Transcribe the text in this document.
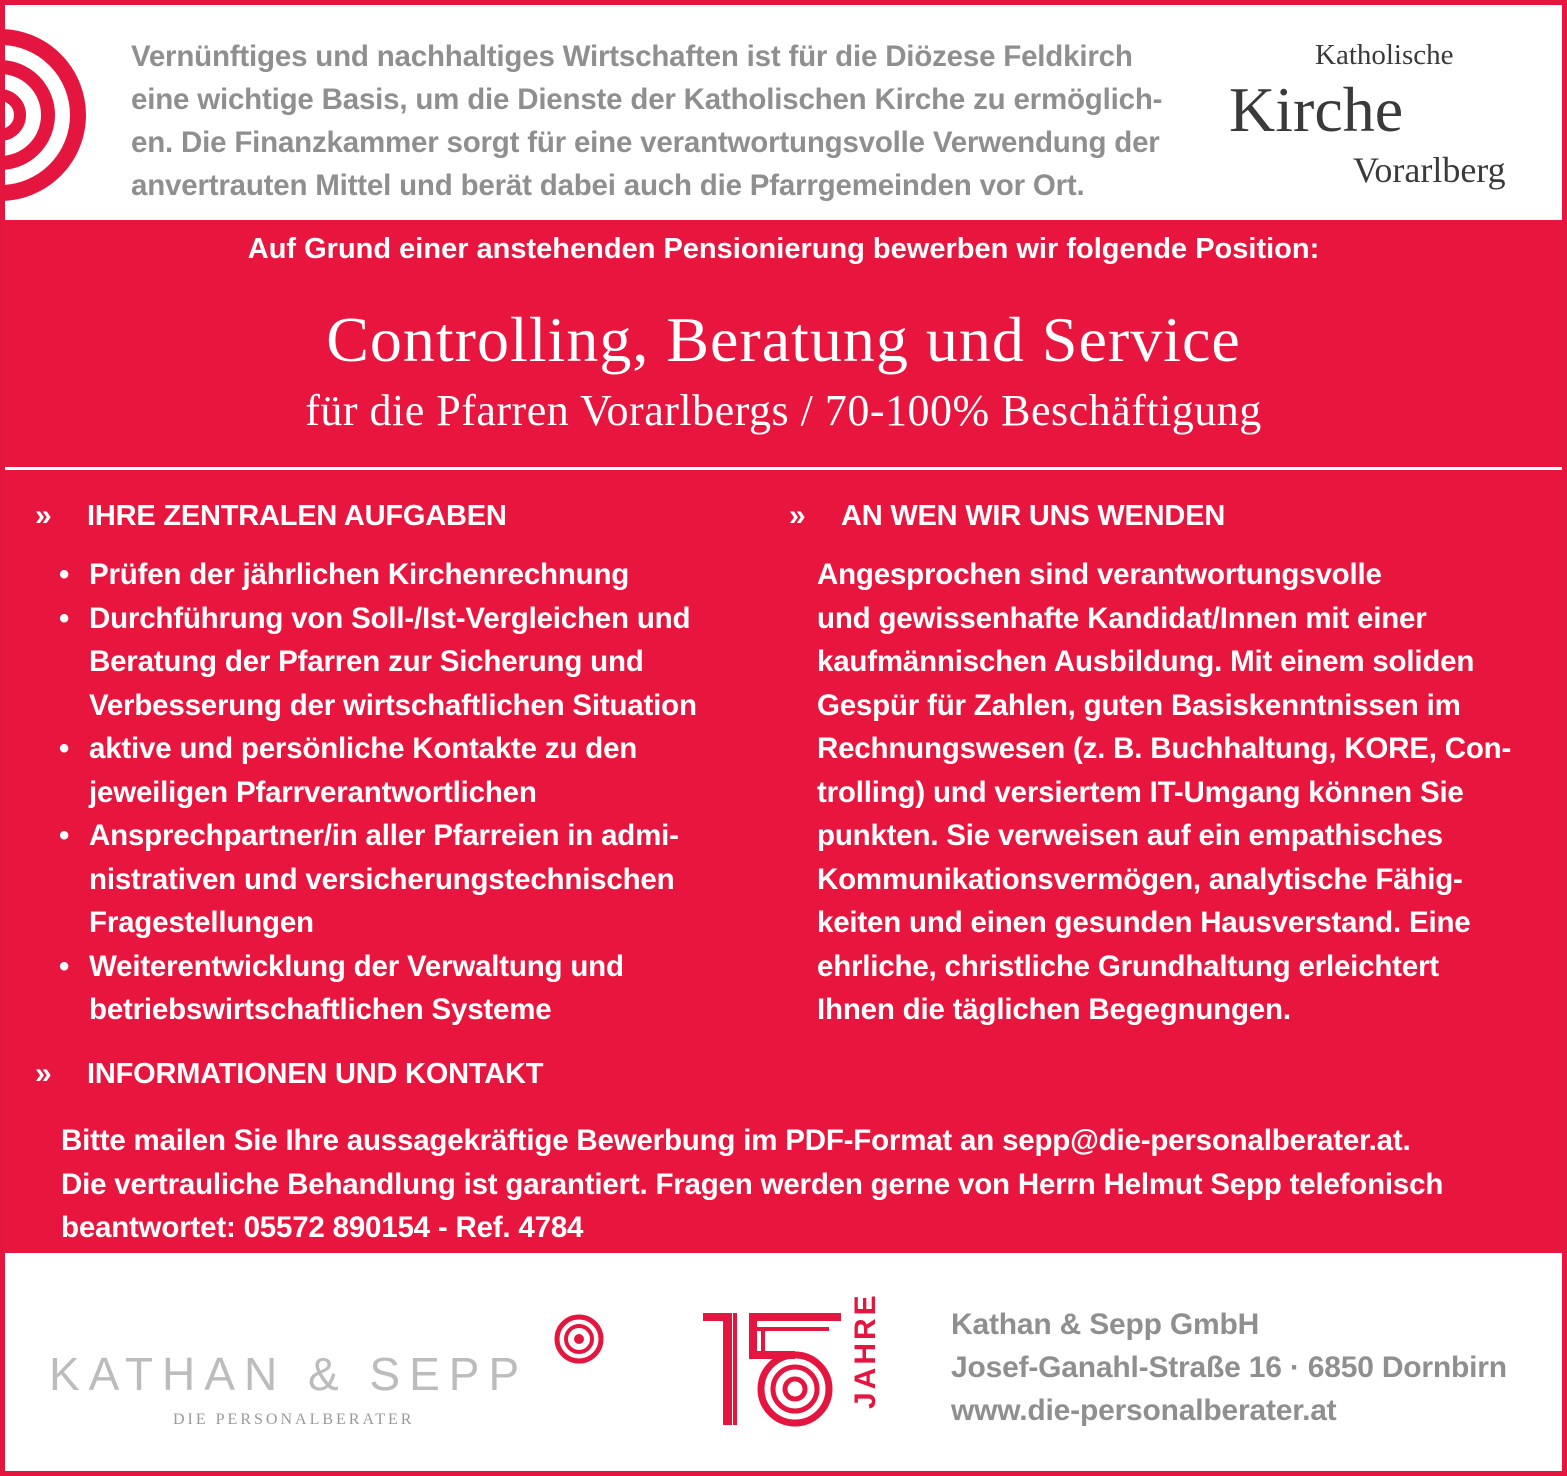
Vernünftiges und nachhaltiges Wirtschaften ist für die Diözese Feldkirch
eine wichtige Basis, um die Dienste der Katholischen Kirche zu ermöglich-
en. Die Finanzkammer sorgt für eine verantwortungsvolle Verwendung der
anvertrauten Mittel und berät dabei auch die Pfarrgemeinden vor Ort.
Katholische
Kirche
Vorarlberg
Auf Grund einer anstehenden Pensionierung bewerben wir folgende Position:
Controlling, Beratung und Service
für die Pfarren Vorarlbergs / 70-100% Beschäftigung
» IHRE ZENTRALEN AUFGABEN
• Prüfen der jährlichen Kirchenrechnung
• Durchführung von Soll-/Ist-Vergleichen und
Beratung der Pfarren zur Sicherung und
Verbesserung der wirtschaftlichen Situation
• aktive und persönliche Kontakte zu den
jeweiligen Pfarrverantwortlichen
• Ansprechpartner/in aller Pfarreien in admi-
nistrativen und versicherungstechnischen
Fragestellungen
• Weiterentwicklung der Verwaltung und
betriebswirtschaftlichen Systeme
» AN WEN WIR UNS WENDEN
Angesprochen sind verantwortungsvolle
und gewissenhafte Kandidat/Innen mit einer
kaufmännischen Ausbildung. Mit einem soliden
Gespür für Zahlen, guten Basiskenntnissen im
Rechnungswesen (z. B. Buchhaltung, KORE, Con-
trolling) und versiertem IT-Umgang können Sie
punkten. Sie verweisen auf ein empathisches
Kommunikationsvermögen, analytische Fähig-
keiten und einen gesunden Hausverstand. Eine
ehrliche, christliche Grundhaltung erleichtert
Ihnen die täglichen Begegnungen.
» INFORMATIONEN UND KONTAKT
Bitte mailen Sie Ihre aussagekräftige Bewerbung im PDF-Format an sepp@die-personalberater.at.
Die vertrauliche Behandlung ist garantiert. Fragen werden gerne von Herrn Helmut Sepp telefonisch
beantwortet: 05572 890154 - Ref. 4784
KATHAN & SEPP
DIE PERSONALBERATER
JAHRE Kathan & Sepp GmbH
Josef-Ganahl-Straße 16 · 6850 Dornbirn
www.die-personalberater.at
